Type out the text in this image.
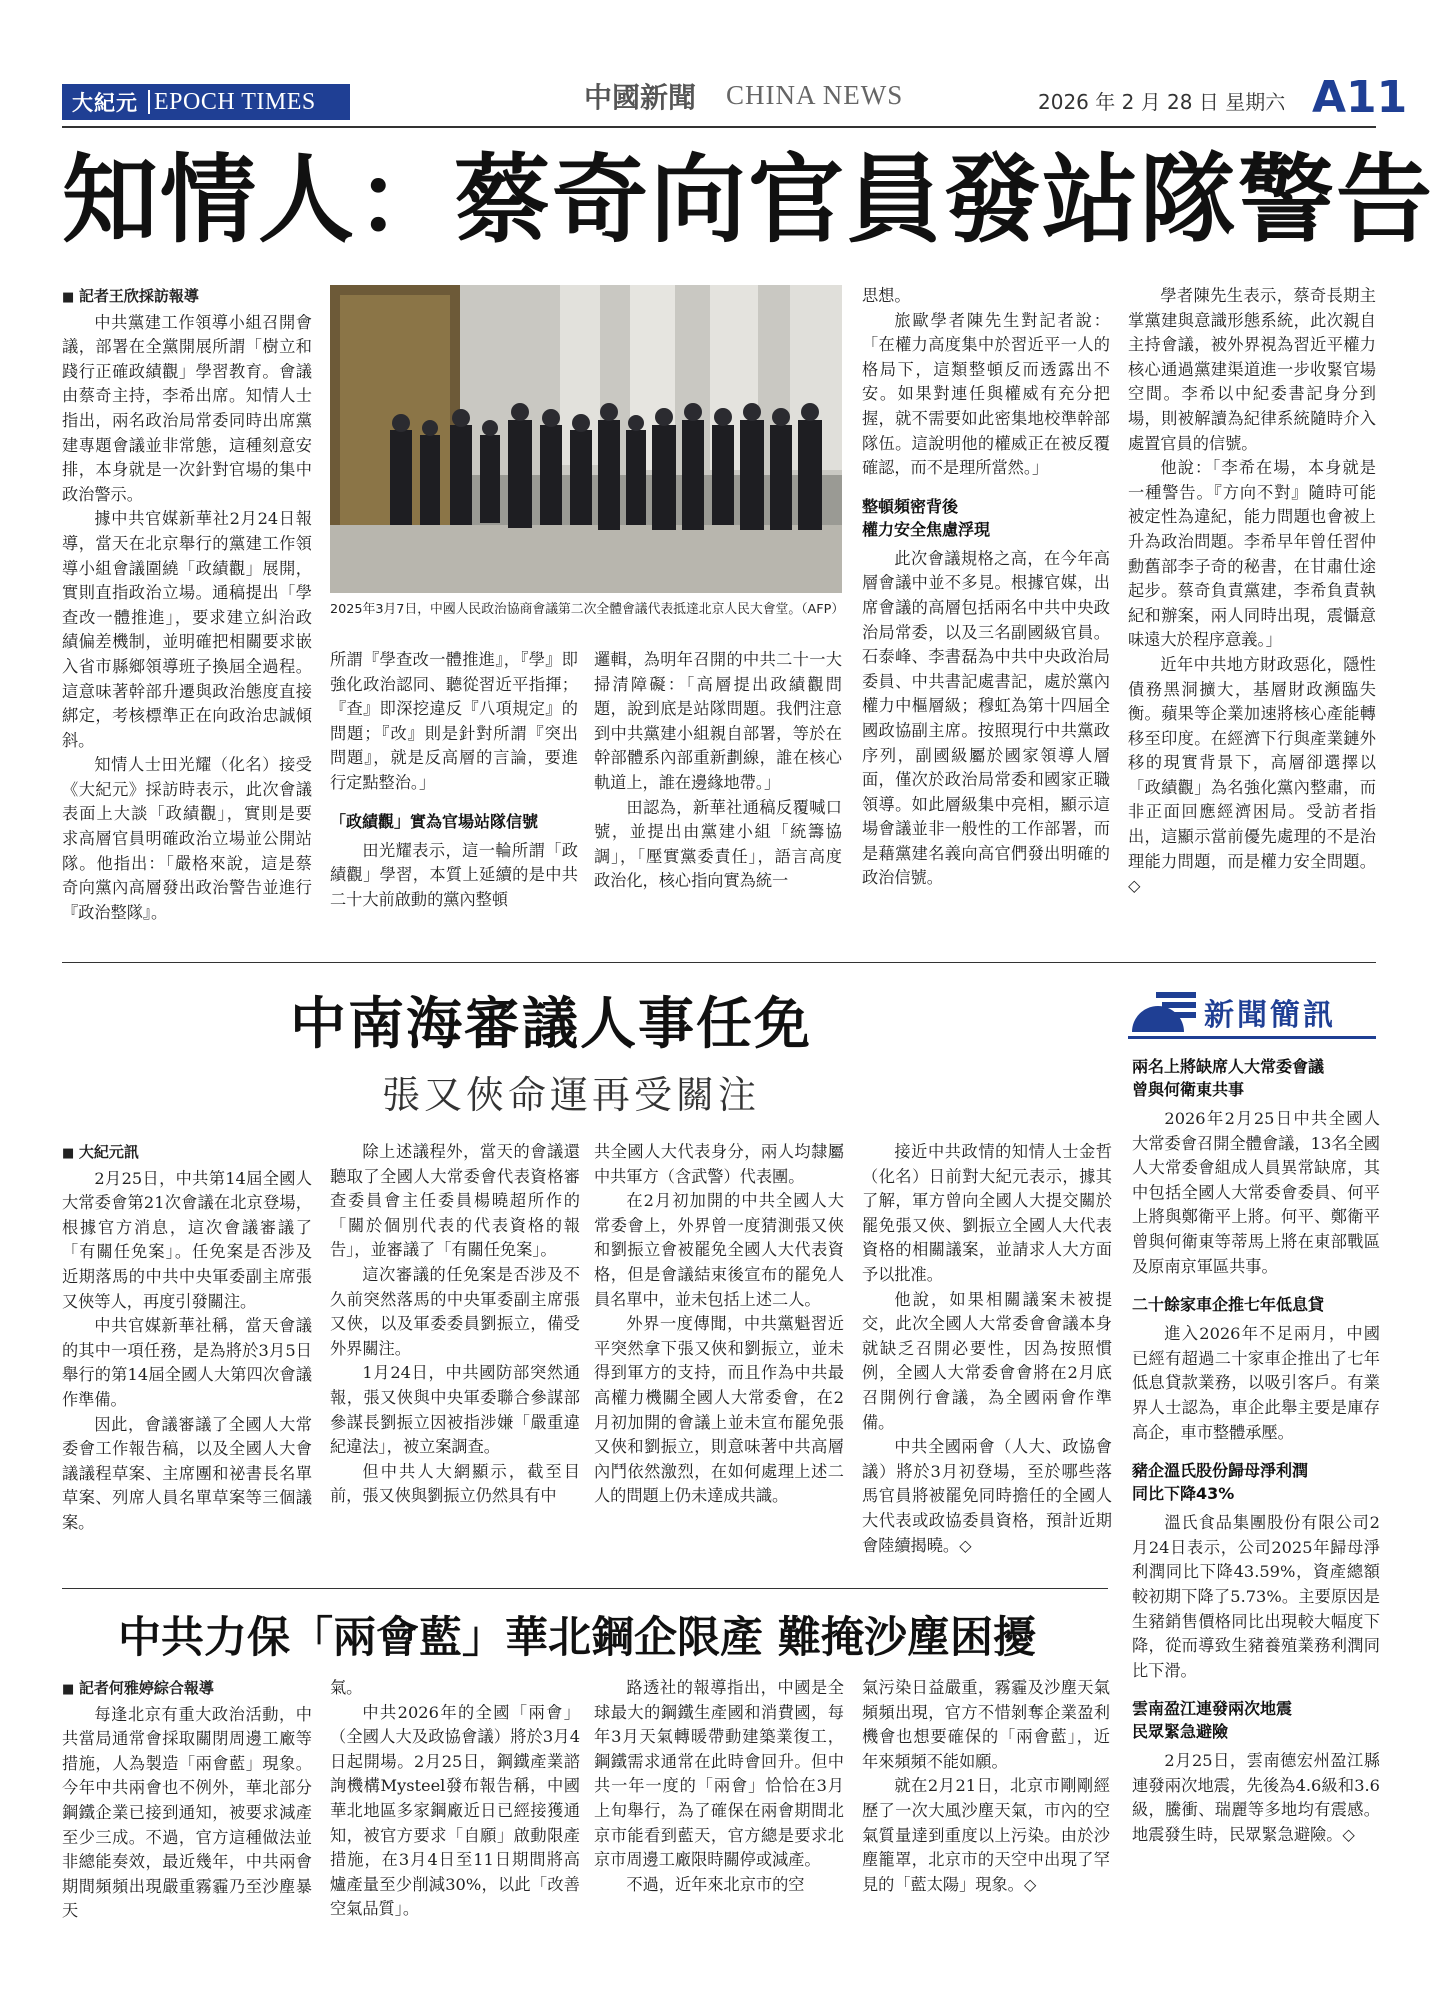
大紀元 EPOCH TIMES	中國新聞 CHINA NEWS	2026 年 2 月 28 日 星期六 A11
知情人：蔡奇向官員發站隊警告

■ 記者王欣採訪報導

中共黨建工作領導小組召開會議，部署在全黨開展所謂「樹立和踐行正確政績觀」學習教育。會議由蔡奇主持，李希出席。知情人士指出，兩名政治局常委同時出席黨建專題會議並非常態，這種刻意安排，本身就是一次針對官場的集中政治警示。

據中共官媒新華社2月24日報導，當天在北京舉行的黨建工作領導小組會議圍繞「政績觀」展開，實則直指政治立場。通稿提出「學查改一體推進」，要求建立糾治政績偏差機制，並明確把相關要求嵌入省市縣鄉領導班子換屆全過程。這意味著幹部升遷與政治態度直接綁定，考核標準正在向政治忠誠傾斜。

知情人士田光耀（化名）接受《大紀元》採訪時表示，此次會議表面上大談「政績觀」，實則是要求高層官員明確政治立場並公開站隊。他指出：「嚴格來說，這是蔡奇向黨內高層發出政治警告並進行『政治整隊』。

2025年3月7日，中國人民政治協商會議第二次全體會議代表抵達北京人民大會堂。（AFP）

所謂『學查改一體推進』，『學』即強化政治認同、聽從習近平指揮；『查』即深挖違反『八項規定』的問題；『改』則是針對所謂『突出問題』，就是反高層的言論，要進行定點整治。」

「政績觀」實為官場站隊信號

田光耀表示，這一輪所謂「政績觀」學習，本質上延續的是中共二十大前啟動的黨內整頓

邏輯，為明年召開的中共二十一大掃清障礙：「高層提出政績觀問題，說到底是站隊問題。我們注意到中共黨建小組親自部署，等於在幹部體系內部重新劃線，誰在核心軌道上，誰在邊緣地帶。」

田認為，新華社通稿反覆喊口號，並提出由黨建小組「統籌協調」，「壓實黨委責任」，語言高度政治化，核心指向實為統一

思想。

旅歐學者陳先生對記者說：「在權力高度集中於習近平一人的格局下，這類整頓反而透露出不安。如果對連任與權威有充分把握，就不需要如此密集地校準幹部隊伍。這說明他的權威正在被反覆確認，而不是理所當然。」

整頓頻密背後
權力安全焦慮浮現

此次會議規格之高，在今年高層會議中並不多見。根據官媒，出席會議的高層包括兩名中共中央政治局常委，以及三名副國級官員。石泰峰、李書磊為中共中央政治局委員、中共書記處書記，處於黨內權力中樞層級；穆虹為第十四屆全國政協副主席。按照現行中共黨政序列，副國級屬於國家領導人層面，僅次於政治局常委和國家正職領導。如此層級集中亮相，顯示這場會議並非一般性的工作部署，而是藉黨建名義向高官們發出明確的政治信號。

學者陳先生表示，蔡奇長期主掌黨建與意識形態系統，此次親自主持會議，被外界視為習近平權力核心通過黨建渠道進一步收緊官場空間。李希以中紀委書記身分到場，則被解讀為紀律系統隨時介入處置官員的信號。

他說：「李希在場，本身就是一種警告。『方向不對』隨時可能被定性為違紀，能力問題也會被上升為政治問題。李希早年曾任習仲勳舊部李子奇的秘書，在甘肅仕途起步。蔡奇負責黨建，李希負責執紀和辦案，兩人同時出現，震懾意味遠大於程序意義。」

近年中共地方財政惡化，隱性債務黑洞擴大，基層財政瀕臨失衡。蘋果等企業加速將核心產能轉移至印度。在經濟下行與產業鏈外移的現實背景下，高層卻選擇以「政績觀」為名強化黨內整肅，而非正面回應經濟困局。受訪者指出，這顯示當前優先處理的不是治理能力問題，而是權力安全問題。◇

中南海審議人事任免
張又俠命運再受關注

■ 大紀元訊

2月25日，中共第14屆全國人大常委會第21次會議在北京登場，根據官方消息，這次會議審議了「有關任免案」。任免案是否涉及近期落馬的中共中央軍委副主席張又俠等人，再度引發關注。

中共官媒新華社稱，當天會議的其中一項任務，是為將於3月5日舉行的第14屆全國人大第四次會議作準備。

因此，會議審議了全國人大常委會工作報告稿，以及全國人大會議議程草案、主席團和祕書長名單草案、列席人員名單草案等三個議案。

除上述議程外，當天的會議還聽取了全國人大常委會代表資格審查委員會主任委員楊曉超所作的「關於個別代表的代表資格的報告」，並審議了「有關任免案」。

這次審議的任免案是否涉及不久前突然落馬的中央軍委副主席張又俠，以及軍委委員劉振立，備受外界關注。

1月24日，中共國防部突然通報，張又俠與中央軍委聯合參謀部參謀長劉振立因被指涉嫌「嚴重違紀違法」，被立案調查。

但中共人大網顯示，截至目前，張又俠與劉振立仍然具有中

共全國人大代表身分，兩人均隸屬中共軍方（含武警）代表團。

在2月初加開的中共全國人大常委會上，外界曾一度猜測張又俠和劉振立會被罷免全國人大代表資格，但是會議結束後宣布的罷免人員名單中，並未包括上述二人。

外界一度傳聞，中共黨魁習近平突然拿下張又俠和劉振立，並未得到軍方的支持，而且作為中共最高權力機關全國人大常委會，在2月初加開的會議上並未宣布罷免張又俠和劉振立，則意味著中共高層內鬥依然激烈，在如何處理上述二人的問題上仍未達成共識。

接近中共政情的知情人士金哲（化名）日前對大紀元表示，據其了解，軍方曾向全國人大提交關於罷免張又俠、劉振立全國人大代表資格的相關議案，並請求人大方面予以批准。

他說，如果相關議案未被提交，此次全國人大常委會會議本身就缺乏召開必要性，因為按照慣例，全國人大常委會會將在2月底召開例行會議，為全國兩會作準備。

中共全國兩會（人大、政協會議）將於3月初登場，至於哪些落馬官員將被罷免同時擔任的全國人大代表或政協委員資格，預計近期會陸續揭曉。◇

中共力保「兩會藍」華北鋼企限產 難掩沙塵困擾

■ 記者何雅婷綜合報導

每逢北京有重大政治活動，中共當局通常會採取關閉周邊工廠等措施，人為製造「兩會藍」現象。今年中共兩會也不例外，華北部分鋼鐵企業已接到通知，被要求減產至少三成。不過，官方這種做法並非總能奏效，最近幾年，中共兩會期間頻頻出現嚴重霧霾乃至沙塵暴天

氣。

中共2026年的全國「兩會」（全國人大及政協會議）將於3月4日起開場。2月25日，鋼鐵產業諮詢機構Mysteel發布報告稱，中國華北地區多家鋼廠近日已經接獲通知，被官方要求「自願」啟動限產措施，在3月4日至11日期間將高爐產量至少削減30%，以此「改善空氣品質」。

路透社的報導指出，中國是全球最大的鋼鐵生產國和消費國，每年3月天氣轉暖帶動建築業復工，鋼鐵需求通常在此時會回升。但中共一年一度的「兩會」恰恰在3月上旬舉行，為了確保在兩會期間北京市能看到藍天，官方總是要求北京市周邊工廠限時關停或減產。

不過，近年來北京市的空

氣污染日益嚴重，霧霾及沙塵天氣頻頻出現，官方不惜剝奪企業盈利機會也想要確保的「兩會藍」，近年來頻頻不能如願。

就在2月21日，北京市剛剛經歷了一次大風沙塵天氣，市內的空氣質量達到重度以上污染。由於沙塵籠罩，北京市的天空中出現了罕見的「藍太陽」現象。◇

新聞簡訊
兩名上將缺席人大常委會議
曾與何衛東共事

2026年2月25日中共全國人大常委會召開全體會議，13名全國人大常委會組成人員異常缺席，其中包括全國人大常委會委員、何平上將與鄭衛平上將。何平、鄭衛平曾與何衛東等蒂馬上將在東部戰區及原南京軍區共事。

二十餘家車企推七年低息貸

進入2026年不足兩月，中國已經有超過二十家車企推出了七年低息貸款業務，以吸引客戶。有業界人士認為，車企此舉主要是庫存高企，車市整體承壓。

豬企溫氏股份歸母淨利潤
同比下降43%

溫氏食品集團股份有限公司2月24日表示，公司2025年歸母淨利潤同比下降43.59%，資產總額較初期下降了5.73%。主要原因是生豬銷售價格同比出現較大幅度下降，從而導致生豬養殖業務利潤同比下滑。

雲南盈江連發兩次地震
民眾緊急避險

2月25日，雲南德宏州盈江縣連發兩次地震，先後為4.6級和3.6級，騰衝、瑞麗等多地均有震感。地震發生時，民眾緊急避險。◇
